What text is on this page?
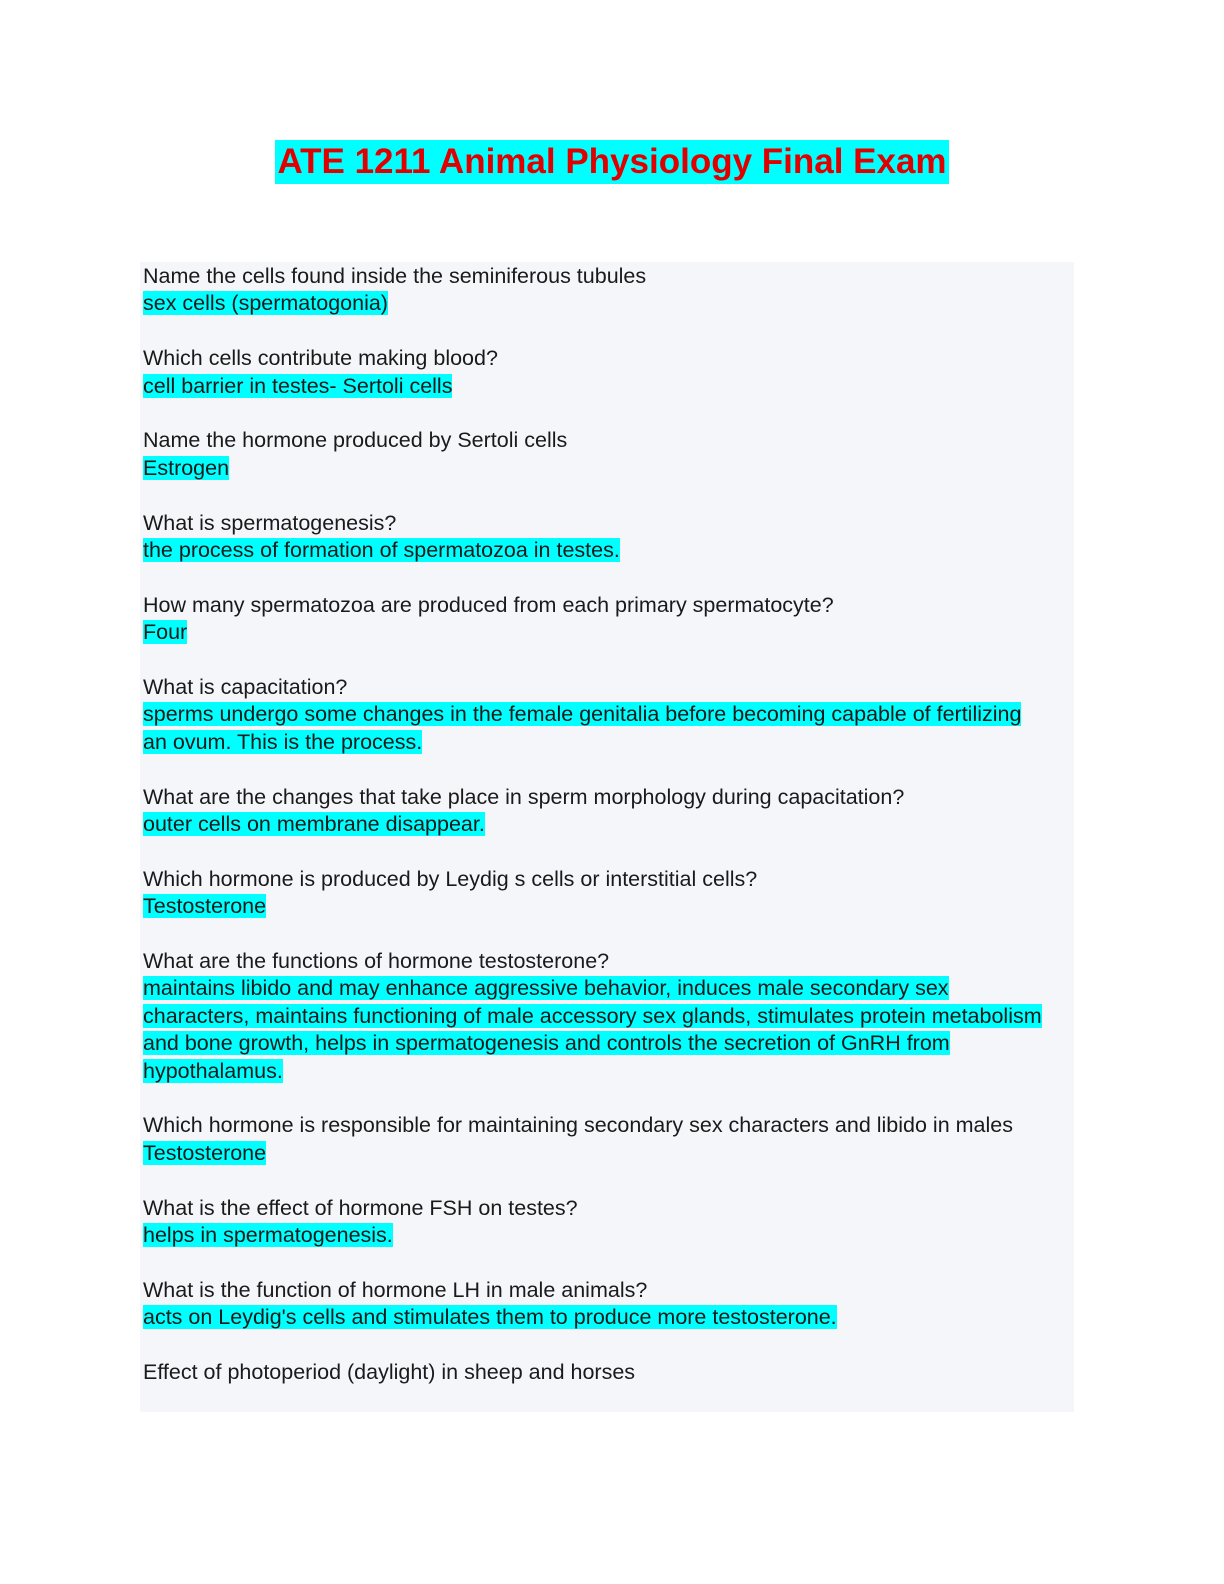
ATE 1211 Animal Physiology Final Exam
Name the cells found inside the seminiferous tubules
sex cells (spermatogonia)
Which cells contribute making blood?
cell barrier in testes- Sertoli cells
Name the hormone produced by Sertoli cells
Estrogen
What is spermatogenesis?
the process of formation of spermatozoa in testes.
How many spermatozoa are produced from each primary spermatocyte?
Four
What is capacitation?
sperms undergo some changes in the female genitalia before becoming capable of fertilizing an ovum. This is the process.
What are the changes that take place in sperm morphology during capacitation?
outer cells on membrane disappear.
Which hormone is produced by Leydig s cells or interstitial cells?
Testosterone
What are the functions of hormone testosterone?
maintains libido and may enhance aggressive behavior, induces male secondary sex characters, maintains functioning of male accessory sex glands, stimulates protein metabolism and bone growth, helps in spermatogenesis and controls the secretion of GnRH from hypothalamus.
Which hormone is responsible for maintaining secondary sex characters and libido in males
Testosterone
What is the effect of hormone FSH on testes?
helps in spermatogenesis.
What is the function of hormone LH in male animals?
acts on Leydig's cells and stimulates them to produce more testosterone.
Effect of photoperiod (daylight) in sheep and horses
